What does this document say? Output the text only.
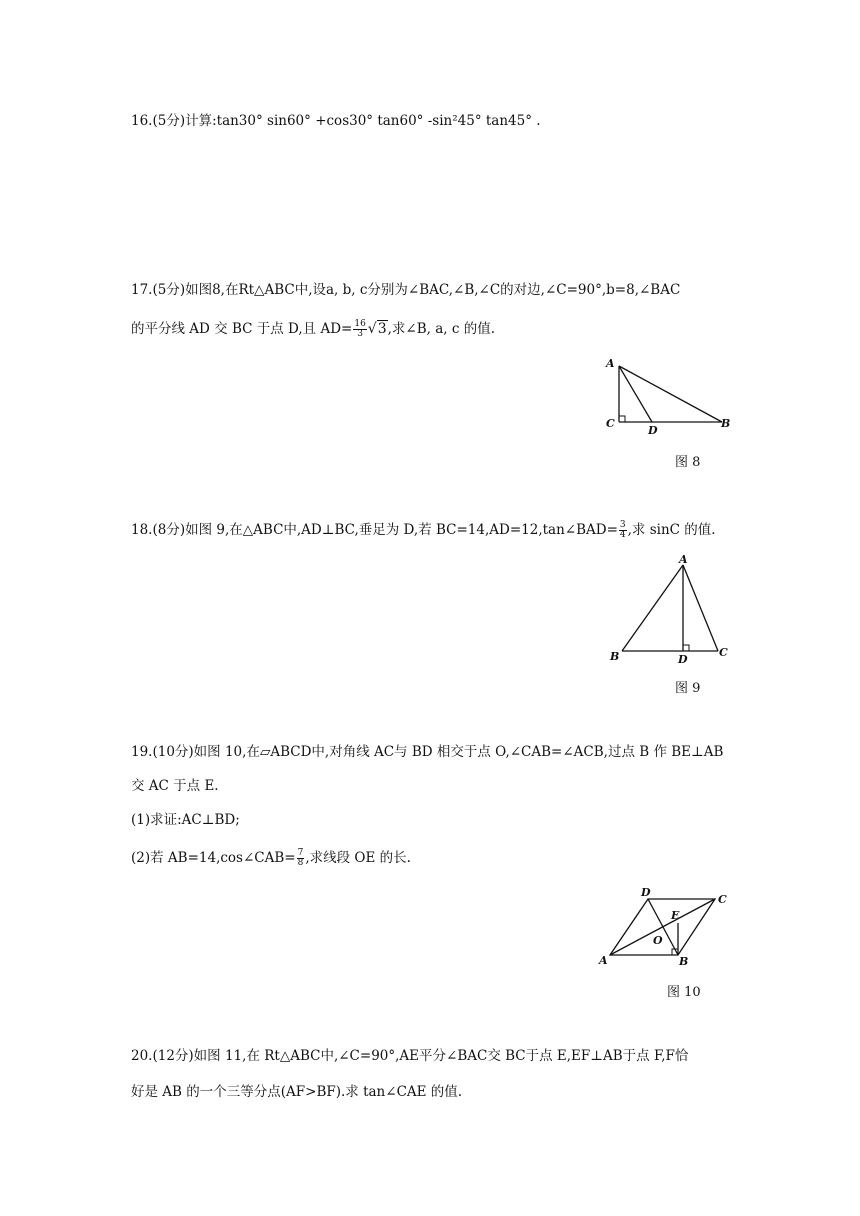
16.(5分)计算:tan30° sin60° +cos30° tan60° -sin²45° tan45° .
17.(5分)如图8,在Rt△ABC中,设a, b, c分别为∠BAC,∠B,∠C的对边,∠C=90°,b=8,∠BAC
的平分线 AD 交 BC 于点 D,且 $AD= \frac{16}{3} √3$,求∠B, a, c 的值.
A
C
D
B
图 8
18.(8分)如图 9,在△ABC中,AD⊥BC,垂足为 D,若 BC=14,AD=12,tan∠BAD= $\frac{3}{4}$ ,求 sinC 的值.
A
B	D
C
图 9
19.(10分)如图 10,在▱ABCD中,对角线 AC与 BD 相交于点 O,∠CAB=∠ACB,过点 B 作 BE⊥AB
交 AC 于点 E.
(1)求证:AC⊥BD;
(2)若 AB=14,cos∠CAB= $\frac{7}{8}$ ,求线段 OE 的长.
D
C
E
O
A	B
图 10
20.(12分)如图 11,在 Rt△ABC中,∠C=90°,AE平分∠BAC交 BC于点 E,EF⊥AB于点 F,F恰
好是 AB 的一个三等分点(AF>BF).求 tan∠CAE 的值.
